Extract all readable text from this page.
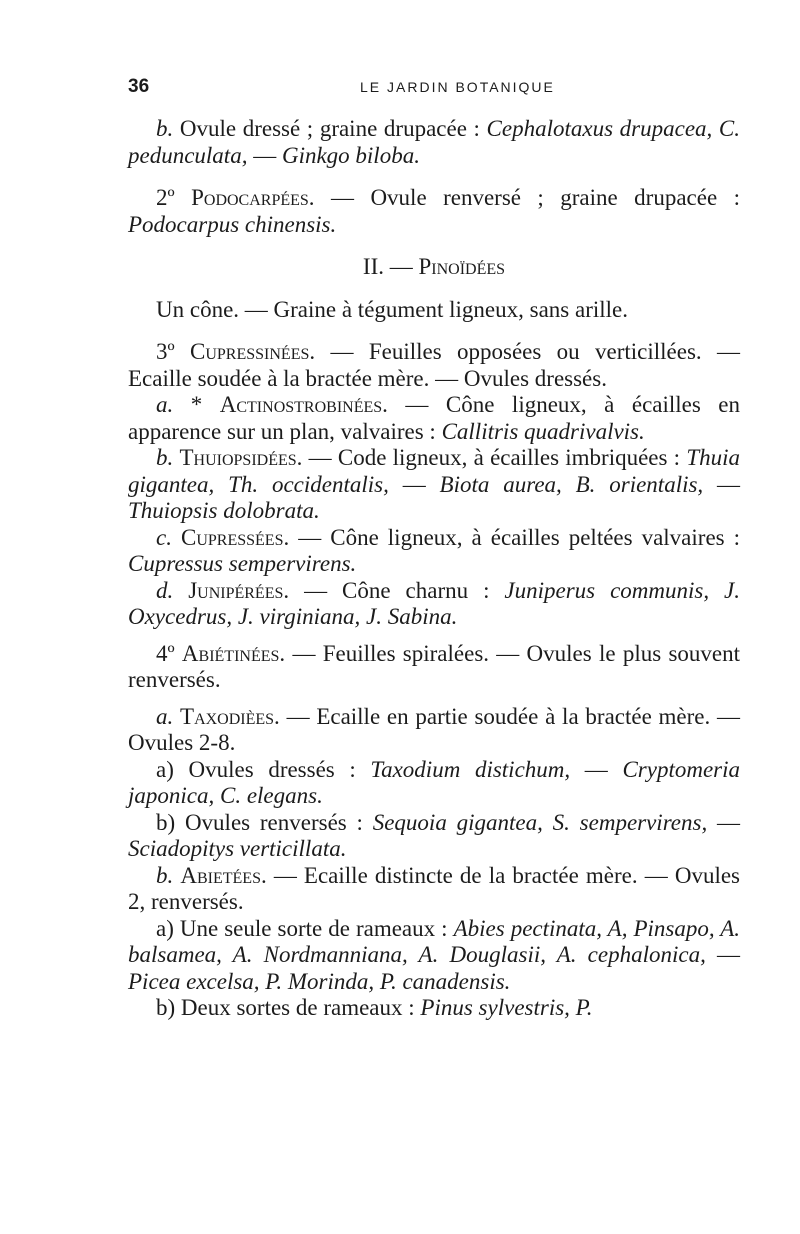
36	LE JARDIN BOTANIQUE

b. Ovule dressé ; graine drupacée : Cephalotaxus drupacea, C. pedunculata, — Ginkgo biloba.

2º Podocarpées. — Ovule renversé ; graine drupacée : Podocarpus chinensis.

II. — Pinoïdées

Un cône. — Graine à tégument ligneux, sans arille.

3º Cupressinées. — Feuilles opposées ou verticillées. — Ecaille soudée à la bractée mère. — Ovules dressés.

a. * Actinostrobinées. — Cône ligneux, à écailles en apparence sur un plan, valvaires : Callitris quadrivalvis.

b. Thuiopsidées. — Code ligneux, à écailles imbriquées : Thuia gigantea, Th. occidentalis, — Biota aurea, B. orientalis, — Thuiopsis dolobrata.

c. Cupressées. — Cône ligneux, à écailles peltées valvaires : Cupressus sempervirens.

d. Junipérées. — Cône charnu : Juniperus communis, J. Oxycedrus, J. virginiana, J. Sabina.

4º Abiétinées. — Feuilles spiralées. — Ovules le plus souvent renversés.

a. Taxodièes. — Ecaille en partie soudée à la bractée mère. — Ovules 2-8.

a) Ovules dressés : Taxodium distichum, — Cryptomeria japonica, C. elegans.

b) Ovules renversés : Sequoia gigantea, S. sempervirens, — Sciadopitys verticillata.

b. Abietées. — Ecaille distincte de la bractée mère. — Ovules 2, renversés.

a) Une seule sorte de rameaux : Abies pectinata, A, Pinsapo, A. balsamea, A. Nordmanniana, A. Douglasii, A. cephalonica, — Picea excelsa, P. Morinda, P. canadensis.

b) Deux sortes de rameaux : Pinus sylvestris, P.
